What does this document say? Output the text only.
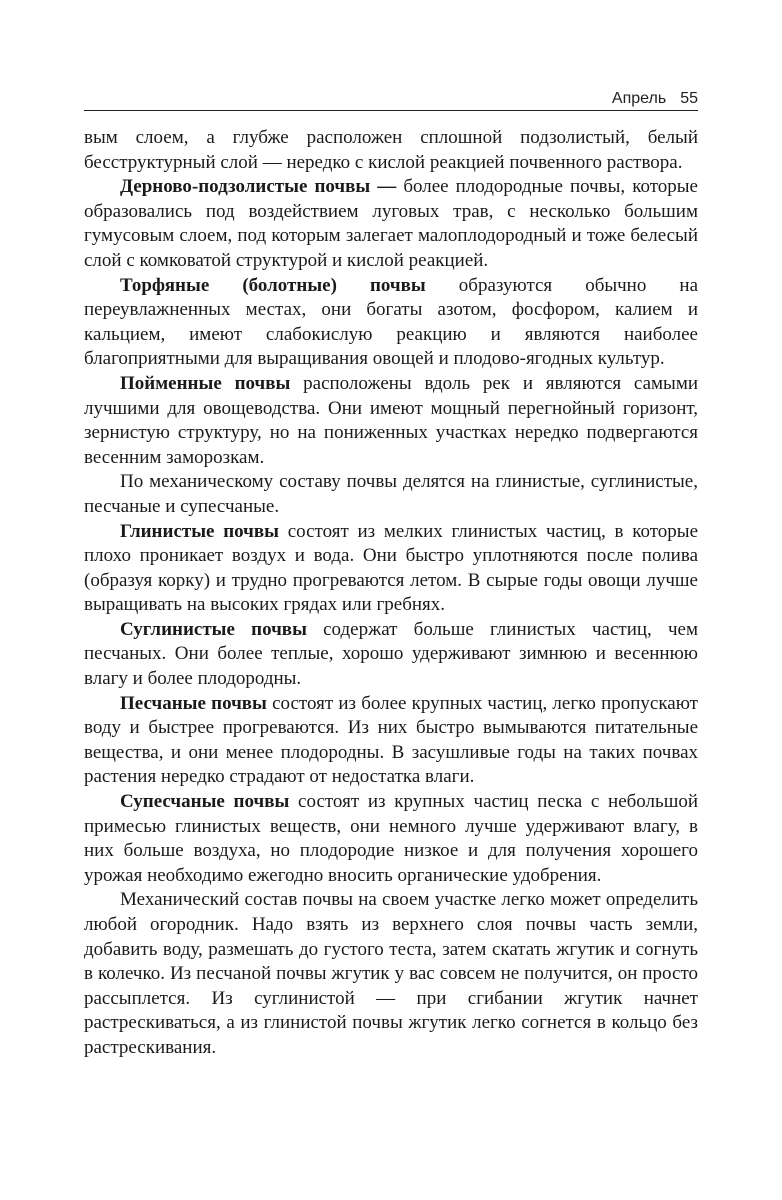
Апрель 55

вым слоем, а глубже расположен сплошной подзолистый, белый бесструктурный слой — нередко с кислой реакцией почвенного раствора.

Дерново-подзолистые почвы — более плодородные почвы, которые образовались под воздействием луговых трав, с несколько большим гумусовым слоем, под которым залегает малоплодородный и тоже белесый слой с комковатой структурой и кислой реакцией.

Торфяные (болотные) почвы образуются обычно на переувлажненных местах, они богаты азотом, фосфором, калием и кальцием, имеют слабокислую реакцию и являются наиболее благоприятными для выращивания овощей и плодово-ягодных культур.

Пойменные почвы расположены вдоль рек и являются самыми лучшими для овощеводства. Они имеют мощный перегнойный горизонт, зернистую структуру, но на пониженных участках нередко подвергаются весенним заморозкам.

По механическому составу почвы делятся на глинистые, суглинистые, песчаные и супесчаные.

Глинистые почвы состоят из мелких глинистых частиц, в которые плохо проникает воздух и вода. Они быстро уплотняются после полива (образуя корку) и трудно прогреваются летом. В сырые годы овощи лучше выращивать на высоких грядах или гребнях.

Суглинистые почвы содержат больше глинистых частиц, чем песчаных. Они более теплые, хорошо удерживают зимнюю и весеннюю влагу и более плодородны.

Песчаные почвы состоят из более крупных частиц, легко пропускают воду и быстрее прогреваются. Из них быстро вымываются питательные вещества, и они менее плодородны. В засушливые годы на таких почвах растения нередко страдают от недостатка влаги.

Супесчаные почвы состоят из крупных частиц песка с небольшой примесью глинистых веществ, они немного лучше удерживают влагу, в них больше воздуха, но плодородие низкое и для получения хорошего урожая необходимо ежегодно вносить органические удобрения.

Механический состав почвы на своем участке легко может определить любой огородник. Надо взять из верхнего слоя почвы часть земли, добавить воду, размешать до густого теста, затем скатать жгутик и согнуть в колечко. Из песчаной почвы жгутик у вас совсем не получится, он просто рассыплется. Из суглинистой — при сгибании жгутик начнет растрескиваться, а из глинистой почвы жгутик легко согнется в кольцо без растрескивания.
